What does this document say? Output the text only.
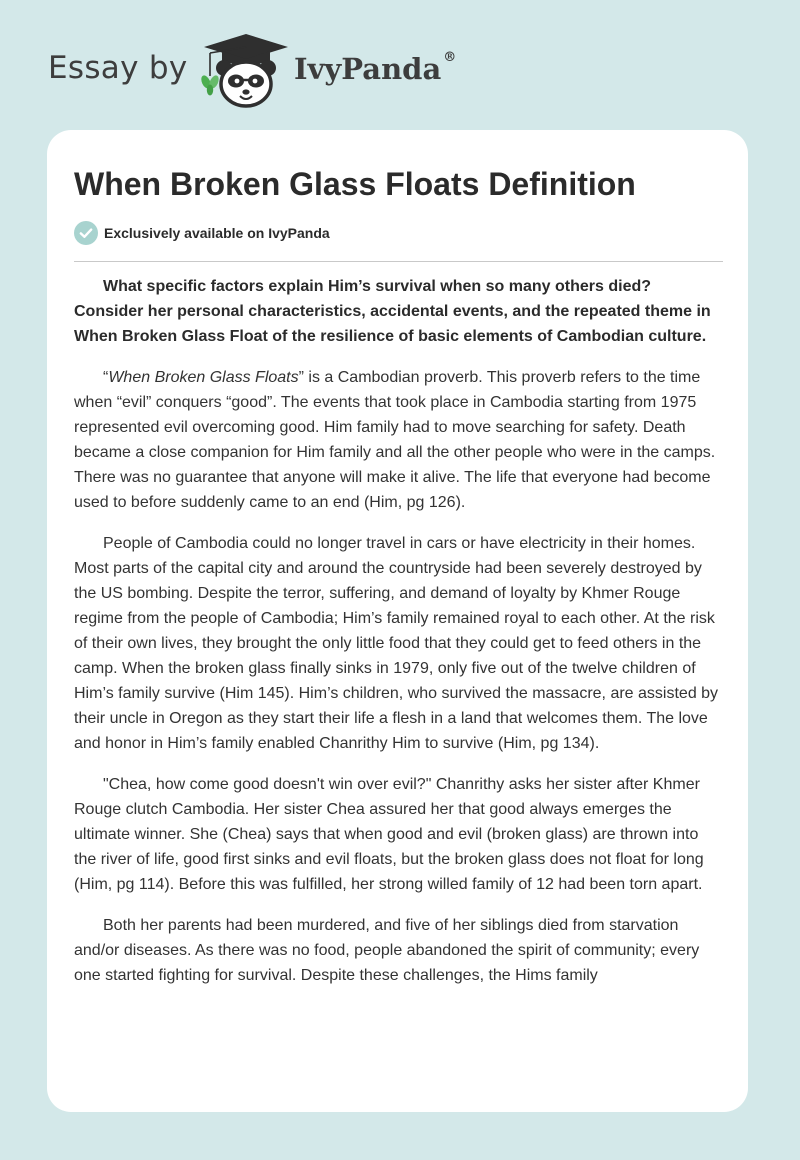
Essay by	IvyPanda ®
When Broken Glass Floats Definition
Exclusively available on IvyPanda

What specific factors explain Him’s survival when so many others died? Consider her personal characteristics, accidental events, and the repeated theme in When Broken Glass Float of the resilience of basic elements of Cambodian culture.

“When Broken Glass Floats” is a Cambodian proverb. This proverb refers to the time when “evil” conquers “good”. The events that took place in Cambodia starting from 1975 represented evil overcoming good. Him family had to move searching for safety. Death became a close companion for Him family and all the other people who were in the camps. There was no guarantee that anyone will make it alive. The life that everyone had become used to before suddenly came to an end (Him, pg 126).

People of Cambodia could no longer travel in cars or have electricity in their homes. Most parts of the capital city and around the countryside had been severely destroyed by the US bombing. Despite the terror, suffering, and demand of loyalty by Khmer Rouge regime from the people of Cambodia; Him’s family remained royal to each other. At the risk of their own lives, they brought the only little food that they could get to feed others in the camp. When the broken glass finally sinks in 1979, only five out of the twelve children of Him’s family survive (Him 145). Him’s children, who survived the massacre, are assisted by their uncle in Oregon as they start their life a flesh in a land that welcomes them. The love and honor in Him’s family enabled Chanrithy Him to survive (Him, pg 134).

"Chea, how come good doesn't win over evil?" Chanrithy asks her sister after Khmer Rouge clutch Cambodia. Her sister Chea assured her that good always emerges the ultimate winner. She (Chea) says that when good and evil (broken glass) are thrown into the river of life, good first sinks and evil floats, but the broken glass does not float for long (Him, pg 114). Before this was fulfilled, her strong willed family of 12 had been torn apart.

Both her parents had been murdered, and five of her siblings died from starvation and/or diseases. As there was no food, people abandoned the spirit of community; every one started fighting for survival. Despite these challenges, the Hims family
